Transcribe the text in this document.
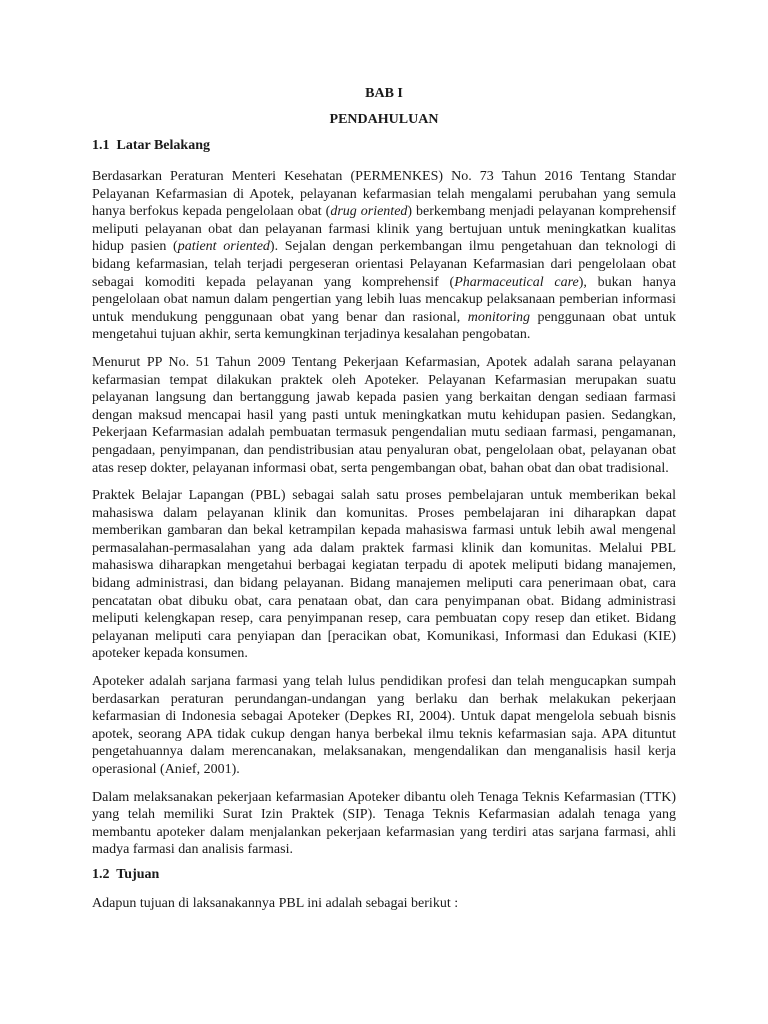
BAB I

PENDAHULUAN

1.1  Latar Belakang

Berdasarkan Peraturan Menteri Kesehatan (PERMENKES) No. 73 Tahun 2016 Tentang Standar Pelayanan Kefarmasian di Apotek, pelayanan kefarmasian telah mengalami perubahan yang semula hanya berfokus kepada pengelolaan obat (drug oriented) berkembang menjadi pelayanan komprehensif meliputi pelayanan obat dan pelayanan farmasi klinik yang bertujuan untuk meningkatkan kualitas hidup pasien (patient oriented). Sejalan dengan perkembangan ilmu pengetahuan dan teknologi di bidang kefarmasian, telah terjadi pergeseran orientasi Pelayanan Kefarmasian dari pengelolaan obat sebagai komoditi kepada pelayanan yang komprehensif (Pharmaceutical care), bukan hanya pengelolaan obat namun dalam pengertian yang lebih luas mencakup pelaksanaan pemberian informasi untuk mendukung penggunaan obat yang benar dan rasional, monitoring penggunaan obat untuk mengetahui tujuan akhir, serta kemungkinan terjadinya kesalahan pengobatan.

Menurut PP No. 51 Tahun 2009 Tentang Pekerjaan Kefarmasian, Apotek adalah sarana pelayanan kefarmasian tempat dilakukan praktek oleh Apoteker. Pelayanan Kefarmasian merupakan suatu pelayanan langsung dan bertanggung jawab kepada pasien yang berkaitan dengan sediaan farmasi dengan maksud mencapai hasil yang pasti untuk meningkatkan mutu kehidupan pasien. Sedangkan, Pekerjaan Kefarmasian adalah pembuatan termasuk pengendalian mutu sediaan farmasi, pengamanan, pengadaan, penyimpanan, dan pendistribusian atau penyaluran obat, pengelolaan obat, pelayanan obat atas resep dokter, pelayanan informasi obat, serta pengembangan obat, bahan obat dan obat tradisional.

Praktek Belajar Lapangan (PBL) sebagai salah satu proses pembelajaran untuk memberikan bekal mahasiswa dalam pelayanan klinik dan komunitas. Proses pembelajaran ini diharapkan dapat memberikan gambaran dan bekal ketrampilan kepada mahasiswa farmasi untuk lebih awal mengenal permasalahan-permasalahan yang ada dalam praktek farmasi klinik dan komunitas. Melalui PBL mahasiswa diharapkan mengetahui berbagai kegiatan terpadu di apotek meliputi bidang manajemen, bidang administrasi, dan bidang pelayanan. Bidang manajemen meliputi cara penerimaan obat, cara pencatatan obat dibuku obat, cara penataan obat, dan cara penyimpanan obat. Bidang administrasi meliputi kelengkapan resep, cara penyimpanan resep, cara pembuatan copy resep dan etiket. Bidang pelayanan meliputi cara penyiapan dan [peracikan obat, Komunikasi, Informasi dan Edukasi (KIE) apoteker kepada konsumen.

Apoteker adalah sarjana farmasi yang telah lulus pendidikan profesi dan telah mengucapkan sumpah berdasarkan peraturan perundangan-undangan yang berlaku dan berhak melakukan pekerjaan kefarmasian di Indonesia sebagai Apoteker (Depkes RI, 2004). Untuk dapat mengelola sebuah bisnis apotek, seorang APA tidak cukup dengan hanya berbekal ilmu teknis kefarmasian saja. APA dituntut pengetahuannya dalam merencanakan, melaksanakan, mengendalikan dan menganalisis hasil kerja operasional (Anief, 2001).

Dalam melaksanakan pekerjaan kefarmasian Apoteker dibantu oleh Tenaga Teknis Kefarmasian (TTK) yang telah memiliki Surat Izin Praktek (SIP). Tenaga Teknis Kefarmasian adalah tenaga yang membantu apoteker dalam menjalankan pekerjaan kefarmasian yang terdiri atas sarjana farmasi, ahli madya farmasi dan analisis farmasi.

1.2  Tujuan

Adapun tujuan di laksanakannya PBL ini adalah sebagai berikut :
